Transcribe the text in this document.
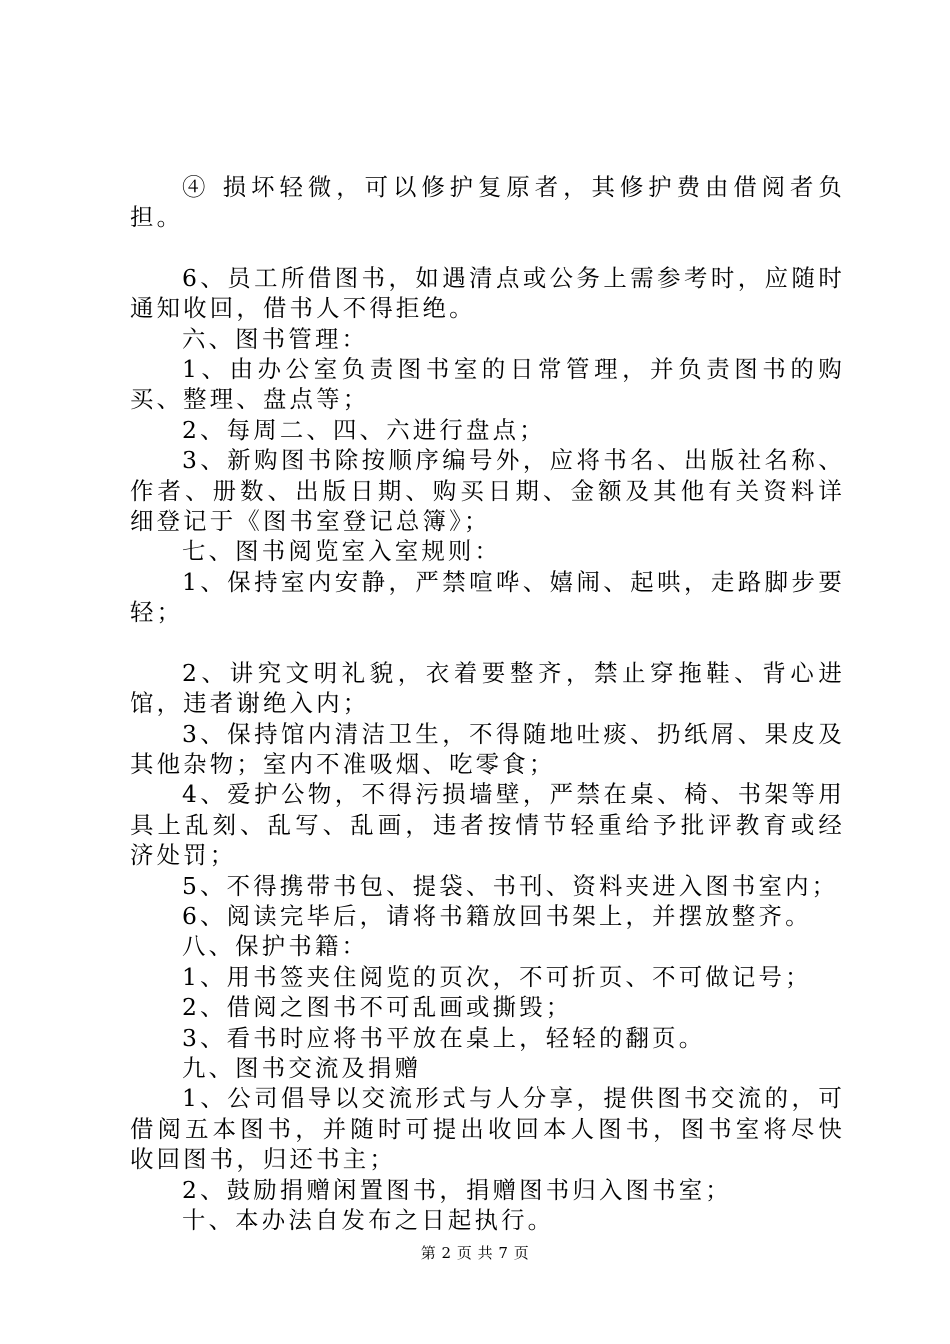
④ 损坏轻微，可以修护复原者，其修护费由借阅者负担。

6、员工所借图书，如遇清点或公务上需参考时，应随时通知收回，借书人不得拒绝。

六、图书管理：

1、由办公室负责图书室的日常管理，并负责图书的购买、整理、盘点等；

2、每周二、四、六进行盘点；

3、新购图书除按顺序编号外，应将书名、出版社名称、作者、册数、出版日期、购买日期、金额及其他有关资料详细登记于《图书室登记总簿》；

七、图书阅览室入室规则：

1、保持室内安静，严禁喧哗、嬉闹、起哄，走路脚步要轻；

2、讲究文明礼貌，衣着要整齐，禁止穿拖鞋、背心进馆，违者谢绝入内；

3、保持馆内清洁卫生，不得随地吐痰、扔纸屑、果皮及其他杂物；室内不准吸烟、吃零食；

4、爱护公物，不得污损墙壁，严禁在桌、椅、书架等用具上乱刻、乱写、乱画，违者按情节轻重给予批评教育或经济处罚；

5、不得携带书包、提袋、书刊、资料夹进入图书室内；

6、阅读完毕后，请将书籍放回书架上，并摆放整齐。

八、保护书籍：

1、用书签夹住阅览的页次，不可折页、不可做记号；

2、借阅之图书不可乱画或撕毁；

3、看书时应将书平放在桌上，轻轻的翻页。

九、图书交流及捐赠

1、公司倡导以交流形式与人分享，提供图书交流的，可借阅五本图书，并随时可提出收回本人图书，图书室将尽快收回图书，归还书主；

2、鼓励捐赠闲置图书，捐赠图书归入图书室；

十、本办法自发布之日起执行。

第 2 页 共 7 页
